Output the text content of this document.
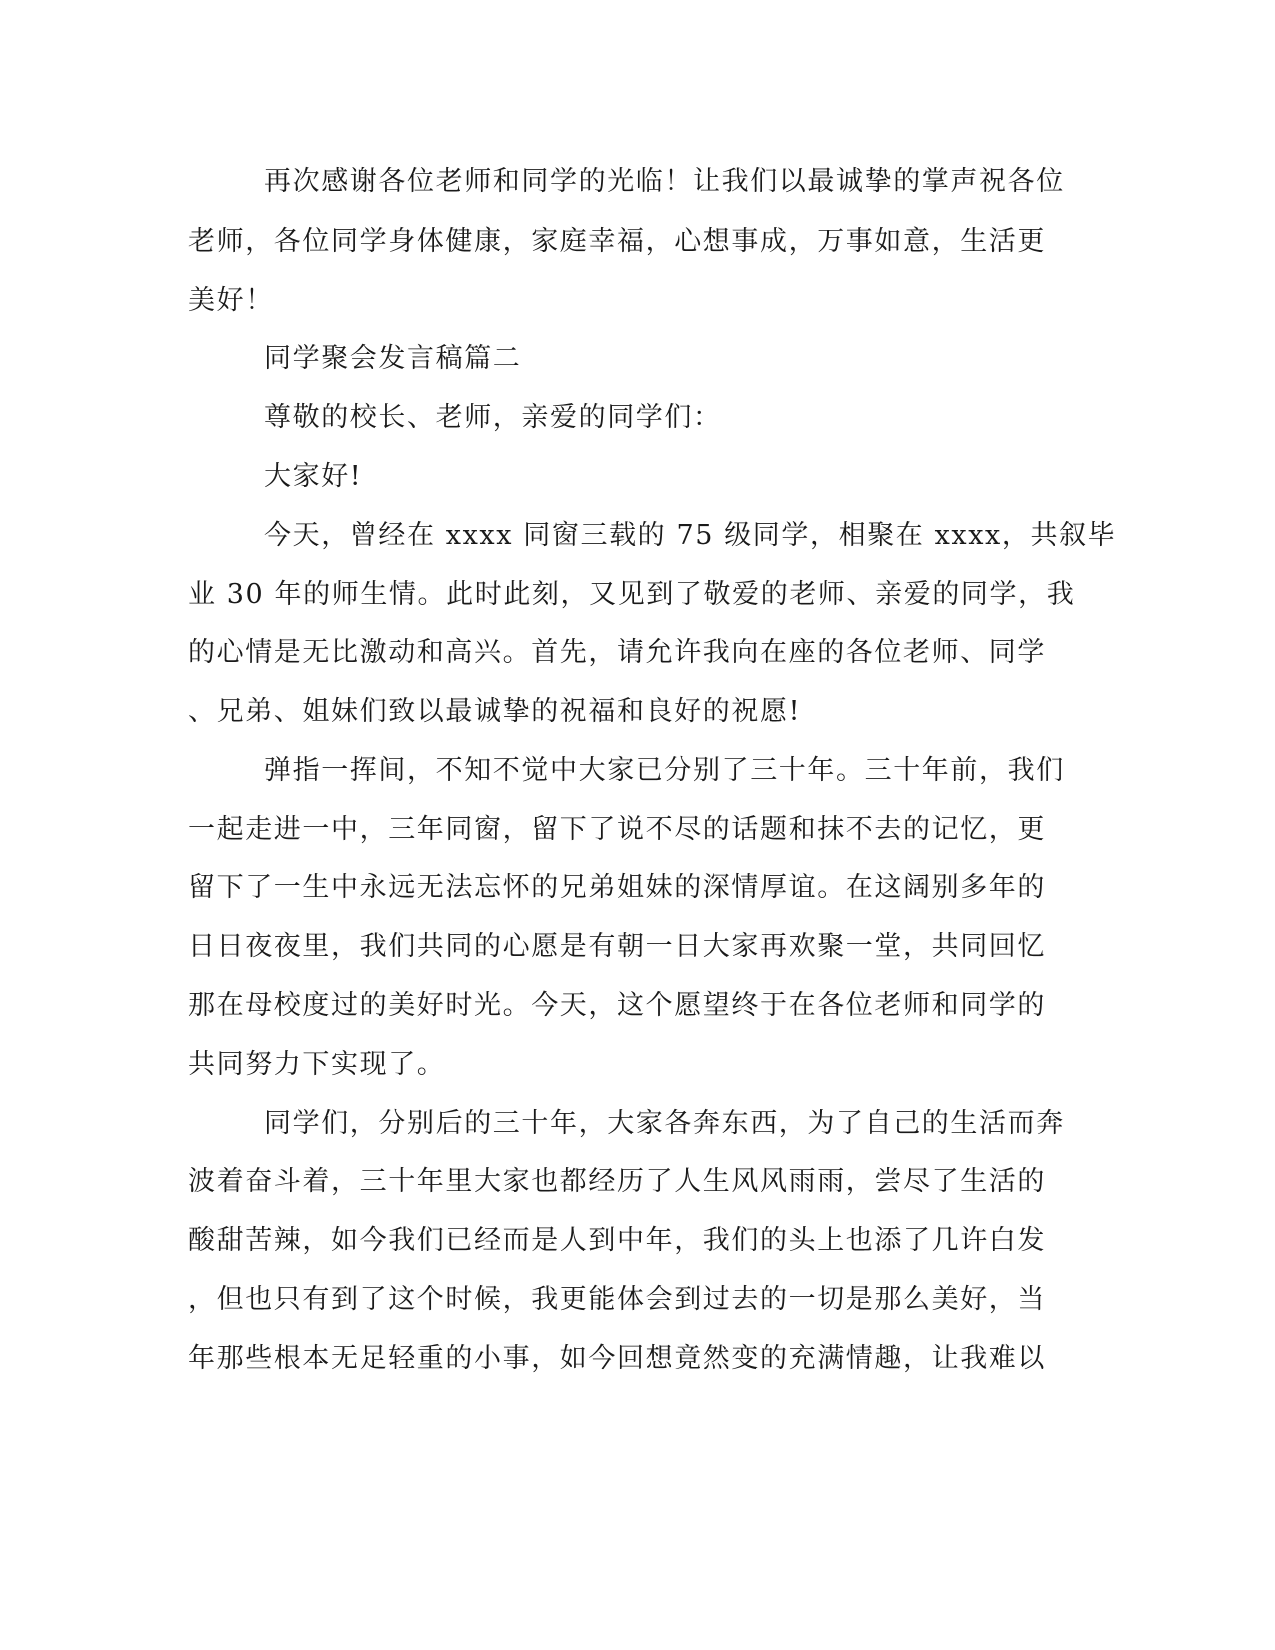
再次感谢各位老师和同学的光临！让我们以最诚挚的掌声祝各位
老师，各位同学身体健康，家庭幸福，心想事成，万事如意，生活更
美好！
同学聚会发言稿篇二
尊敬的校长、老师，亲爱的同学们：
大家好!
今天，曾经在 xxxx 同窗三载的 75 级同学，相聚在 xxxx，共叙毕
业 30 年的师生情。此时此刻，又见到了敬爱的老师、亲爱的同学，我
的心情是无比激动和高兴。首先，请允许我向在座的各位老师、同学
、兄弟、姐妹们致以最诚挚的祝福和良好的祝愿!
弹指一挥间，不知不觉中大家已分别了三十年。三十年前，我们
一起走进一中，三年同窗，留下了说不尽的话题和抹不去的记忆，更
留下了一生中永远无法忘怀的兄弟姐妹的深情厚谊。在这阔别多年的
日日夜夜里，我们共同的心愿是有朝一日大家再欢聚一堂，共同回忆
那在母校度过的美好时光。今天，这个愿望终于在各位老师和同学的
共同努力下实现了。
同学们，分别后的三十年，大家各奔东西，为了自己的生活而奔
波着奋斗着，三十年里大家也都经历了人生风风雨雨，尝尽了生活的
酸甜苦辣，如今我们已经而是人到中年，我们的头上也添了几许白发
，但也只有到了这个时候，我更能体会到过去的一切是那么美好，当
年那些根本无足轻重的小事，如今回想竟然变的充满情趣，让我难以
